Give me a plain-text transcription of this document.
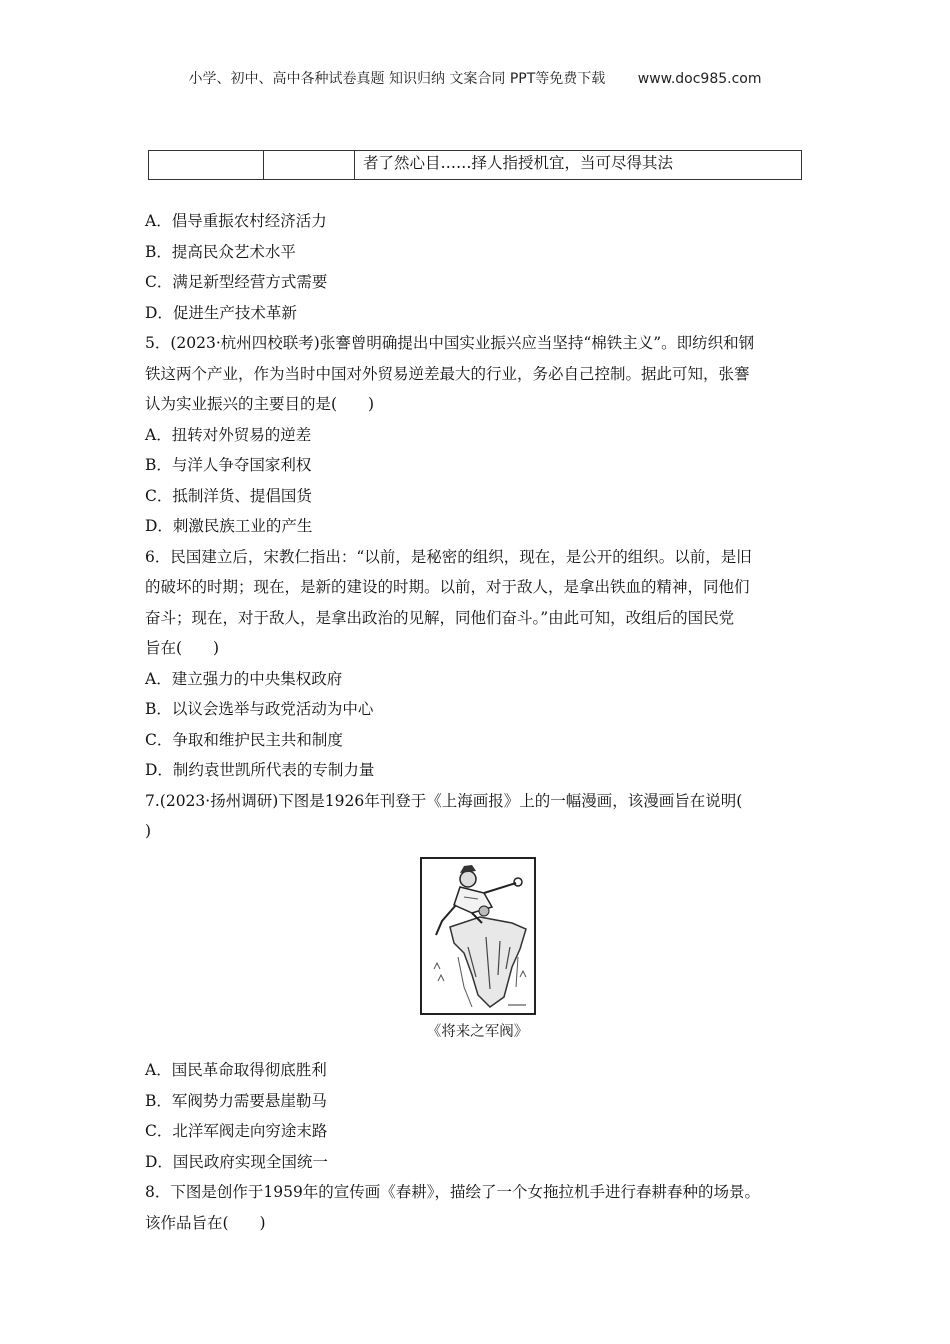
小学、初中、高中各种试卷真题 知识归纳 文案合同 PPT等免费下载 www.doc985.com
		者了然心目……择人指授机宜，当可尽得其法
A．倡导重振农村经济活力
B．提高民众艺术水平
C．满足新型经营方式需要
D．促进生产技术革新
5．(2023·杭州四校联考)张謇曾明确提出中国实业振兴应当坚持“棉铁主义”。即纺织和钢
铁这两个产业，作为当时中国对外贸易逆差最大的行业，务必自己控制。据此可知，张謇
认为实业振兴的主要目的是(　　)
A．扭转对外贸易的逆差
B．与洋人争夺国家利权
C．抵制洋货、提倡国货
D．刺激民族工业的产生
6．民国建立后，宋教仁指出：“以前，是秘密的组织，现在，是公开的组织。以前，是旧
的破坏的时期；现在，是新的建设的时期。以前，对于敌人，是拿出铁血的精神，同他们
奋斗；现在，对于敌人，是拿出政治的见解，同他们奋斗。”由此可知，改组后的国民党
旨在(　　)
A．建立强力的中央集权政府
B．以议会选举与政党活动为中心
C．争取和维护民主共和制度
D．制约袁世凯所代表的专制力量
7.(2023·扬州调研)下图是1926年刊登于《上海画报》上的一幅漫画，该漫画旨在说明(
)
《将来之军阀》
A．国民革命取得彻底胜利
B．军阀势力需要悬崖勒马
C．北洋军阀走向穷途末路
D．国民政府实现全国统一
8．下图是创作于1959年的宣传画《春耕》，描绘了一个女拖拉机手进行春耕春种的场景。
该作品旨在(　　)
